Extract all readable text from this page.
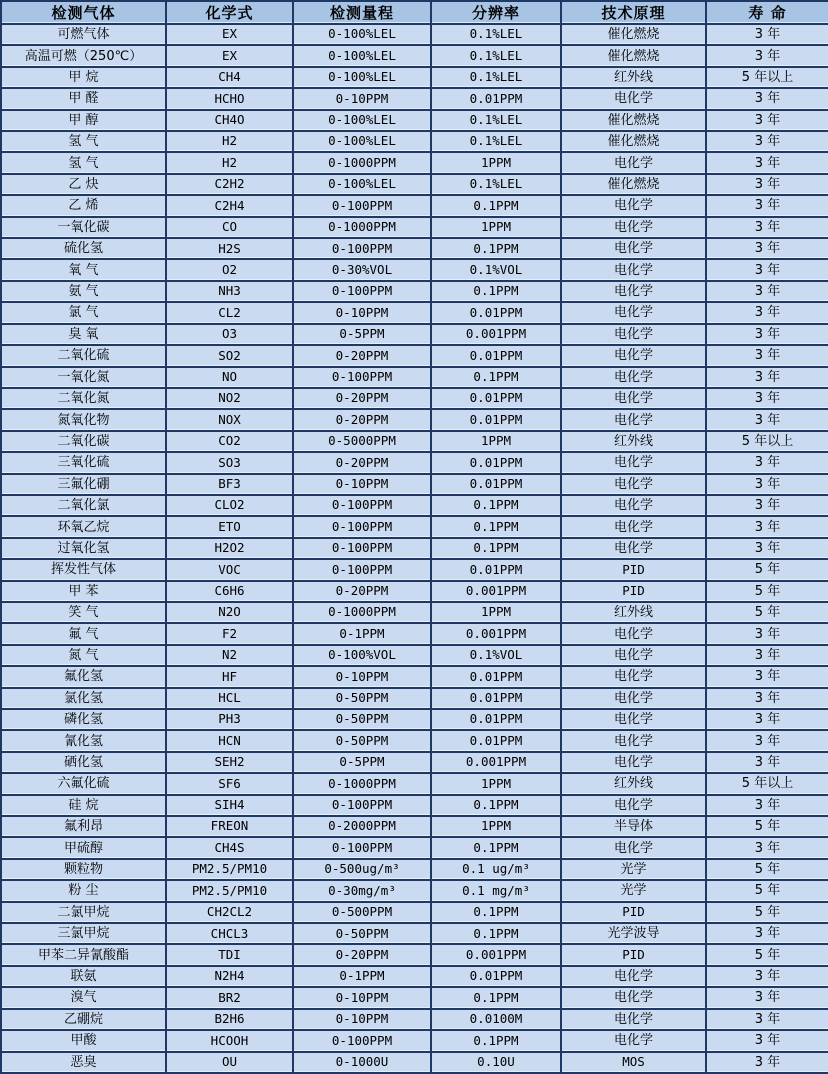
检测气体	化学式	检测量程	分辨率	技术原理	寿 命
可燃气体	EX	0-100%LEL	0.1%LEL	催化燃烧	3 年
高温可燃（250℃）	EX	0-100%LEL	0.1%LEL	催化燃烧	3 年
甲 烷	CH4	0-100%LEL	0.1%LEL	红外线	5 年以上
甲 醛	HCHO	0-10PPM	0.01PPM	电化学	3 年
甲 醇	CH4O	0-100%LEL	0.1%LEL	催化燃烧	3 年
氢 气	H2	0-100%LEL	0.1%LEL	催化燃烧	3 年
氢 气	H2	0-1000PPM	1PPM	电化学	3 年
乙 炔	C2H2	0-100%LEL	0.1%LEL	催化燃烧	3 年
乙 烯	C2H4	0-100PPM	0.1PPM	电化学	3 年
一氧化碳	CO	0-1000PPM	1PPM	电化学	3 年
硫化氢	H2S	0-100PPM	0.1PPM	电化学	3 年
氧 气	O2	0-30%VOL	0.1%VOL	电化学	3 年
氨 气	NH3	0-100PPM	0.1PPM	电化学	3 年
氯 气	CL2	0-10PPM	0.01PPM	电化学	3 年
臭 氧	O3	0-5PPM	0.001PPM	电化学	3 年
二氧化硫	SO2	0-20PPM	0.01PPM	电化学	3 年
一氧化氮	NO	0-100PPM	0.1PPM	电化学	3 年
二氧化氮	NO2	0-20PPM	0.01PPM	电化学	3 年
氮氧化物	NOX	0-20PPM	0.01PPM	电化学	3 年
二氧化碳	CO2	0-5000PPM	1PPM	红外线	5 年以上
三氧化硫	SO3	0-20PPM	0.01PPM	电化学	3 年
三氟化硼	BF3	0-10PPM	0.01PPM	电化学	3 年
二氧化氯	CLO2	0-100PPM	0.1PPM	电化学	3 年
环氧乙烷	ETO	0-100PPM	0.1PPM	电化学	3 年
过氧化氢	H2O2	0-100PPM	0.1PPM	电化学	3 年
挥发性气体	VOC	0-100PPM	0.01PPM	PID	5 年
甲 苯	C6H6	0-20PPM	0.001PPM	PID	5 年
笑 气	N2O	0-1000PPM	1PPM	红外线	5 年
氟 气	F2	0-1PPM	0.001PPM	电化学	3 年
氮 气	N2	0-100%VOL	0.1%VOL	电化学	3 年
氟化氢	HF	0-10PPM	0.01PPM	电化学	3 年
氯化氢	HCL	0-50PPM	0.01PPM	电化学	3 年
磷化氢	PH3	0-50PPM	0.01PPM	电化学	3 年
氰化氢	HCN	0-50PPM	0.01PPM	电化学	3 年
硒化氢	SEH2	0-5PPM	0.001PPM	电化学	3 年
六氟化硫	SF6	0-1000PPM	1PPM	红外线	5 年以上
硅 烷	SIH4	0-100PPM	0.1PPM	电化学	3 年
氟利昂	FREON	0-2000PPM	1PPM	半导体	5 年
甲硫醇	CH4S	0-100PPM	0.1PPM	电化学	3 年
颗粒物	PM2.5/PM10	0-500ug/m³	0.1 ug/m³	光学	5 年
粉 尘	PM2.5/PM10	0-30mg/m³	0.1 mg/m³	光学	5 年
二氯甲烷	CH2CL2	0-500PPM	0.1PPM	PID	5 年
三氯甲烷	CHCL3	0-50PPM	0.1PPM	光学波导	3 年
甲苯二异氰酸酯	TDI	0-20PPM	0.001PPM	PID	5 年
联氨	N2H4	0-1PPM	0.01PPM	电化学	3 年
溴气	BR2	0-10PPM	0.1PPM	电化学	3 年
乙硼烷	B2H6	0-10PPM	0.0100M	电化学	3 年
甲酸	HCOOH	0-100PPM	0.1PPM	电化学	3 年
恶臭	OU	0-1000U	0.10U	MOS	3 年
